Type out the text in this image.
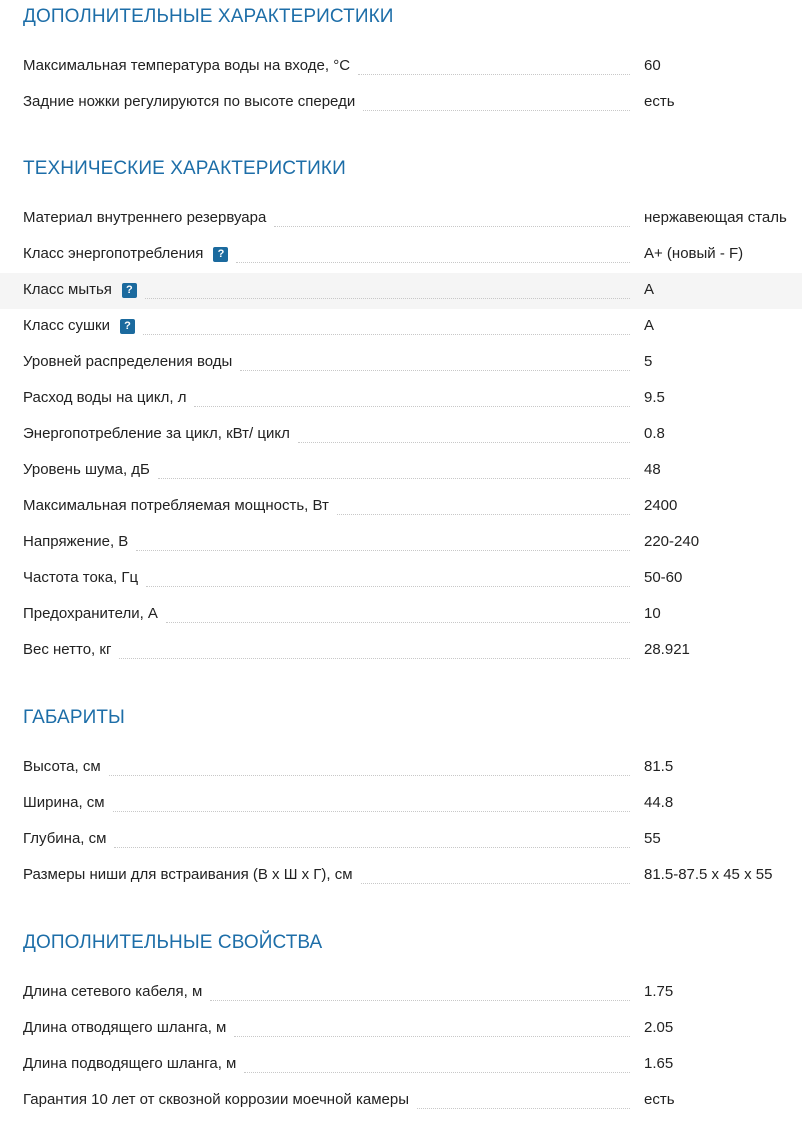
ДОПОЛНИТЕЛЬНЫЕ ХАРАКТЕРИСТИКИ
Максимальная температура воды на входе, °C	60
Задние ножки регулируются по высоте спереди	есть
ТЕХНИЧЕСКИЕ ХАРАКТЕРИСТИКИ
Материал внутреннего резервуара	нержавеющая сталь
Класс энергопотребления	?	A+ (новый - F)
Класс мытья	?	A
Класс сушки	?	A
Уровней распределения воды	5
Расход воды на цикл, л	9.5
Энергопотребление за цикл, кВт/ цикл	0.8
Уровень шума, дБ	48
Максимальная потребляемая мощность, Вт	2400
Напряжение, В	220-240
Частота тока, Гц	50-60
Предохранители, А	10
Вес нетто, кг	28.921
ГАБАРИТЫ
Высота, см	81.5
Ширина, см	44.8
Глубина, см	55
Размеры ниши для встраивания (В х Ш х Г), см	81.5-87.5 x 45 x 55
ДОПОЛНИТЕЛЬНЫЕ СВОЙСТВА
Длина сетевого кабеля, м	1.75
Длина отводящего шланга, м	2.05
Длина подводящего шланга, м	1.65
Гарантия 10 лет от сквозной коррозии моечной камеры	есть
